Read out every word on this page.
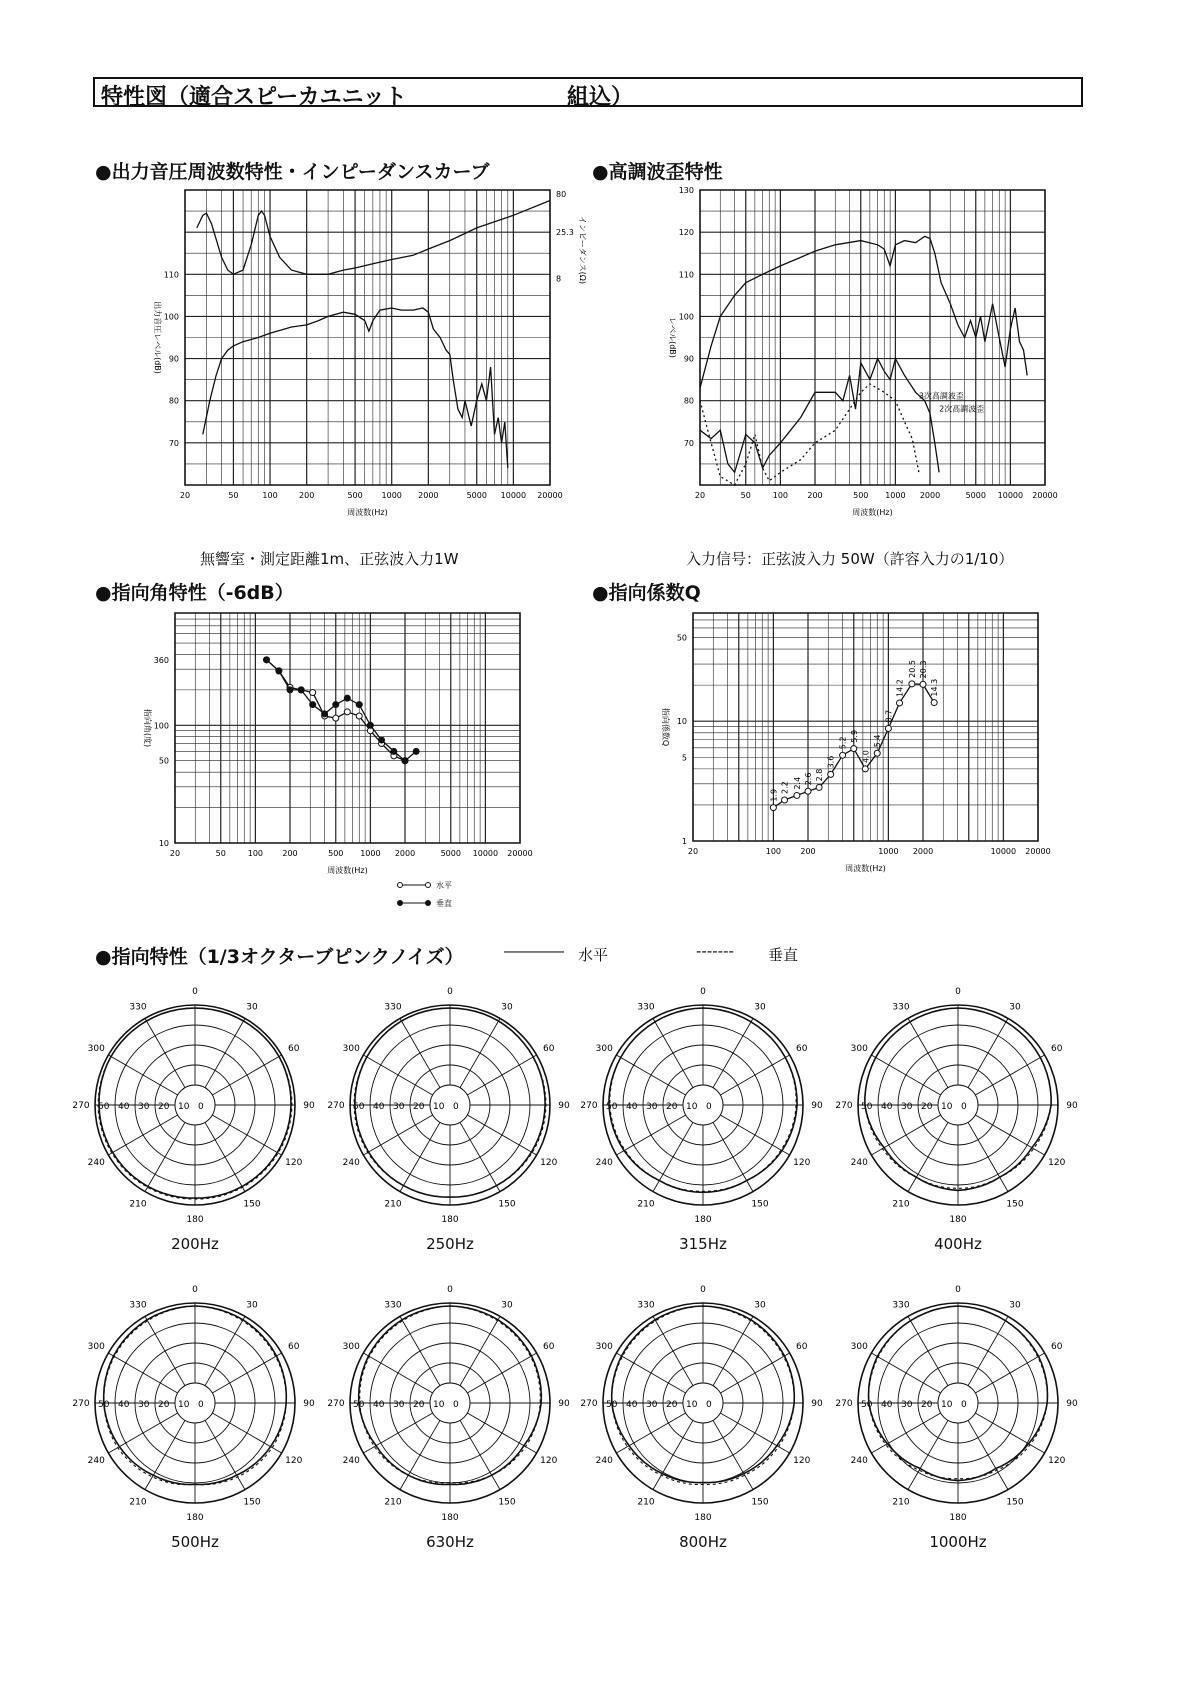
特性図（適合スピーカユニット	組込）
●出力音圧周波数特性・インピーダンスカーブ	●高調波歪特性
20	50	100	200	500 1000 2000	5000 10000 20000
70
80
90
100
110
周波数(Hz)
出力音圧レベル(dB)
80
25.3
8 インピーダンス(Ω)
20	50	100 200	500 1000 2000	5000 10000 20000
70
80
90
100
110
120
130
周波数(Hz)
レベル(dB)
3次高調波歪
2次高調波歪
無響室・測定距離1m、正弦波入力1W	入力信号：正弦波入力 50W（許容入力の1/10）
●指向角特性（-6dB）	●指向係数Q
20	50	100 200	500 1000 2000	5000 10000 20000
10
50
100
360
周波数(Hz)
指向角(度)
水平
垂直
20	100 200	1000 2000	10000 20000
1
5
10
50
周波数(Hz)
指向係数Q
1.9
2.2 2.4 2.6 2.8
3.6
5.2
5.9
4.0
5.4
8.7
14.2
20.5 20.3
14.3
●指向特性（1/3オクターブピンクノイズ）	―――― 水平	------- 垂直
0
30
60
90
120
150
180
210
240
270
300
330
50 40 30 20 10 0
200Hz
0
30
60
90
120
150
180
210
240
270
300
330
50 40 30 20 10 0
250Hz
0
30
60
90
120
150
180
210
240
270
300
330
50 40 30 20 10 0
315Hz
0
30
60
90
120
150
180
210
240
270
300
330
50 40 30 20 10 0
400Hz
0
30
60
90
120
150
180
210
240
270
300
330
50 40 30 20 10 0
500Hz
0
30
60
90
120
150
180
210
240
270
300
330
50 40 30 20 10 0
630Hz
0
30
60
90
120
150
180
210
240
270
300
330
50 40 30 20 10 0
800Hz
0
30
60
90
120
150
180
210
240
270
300
330
50 40 30 20 10 0
1000Hz
